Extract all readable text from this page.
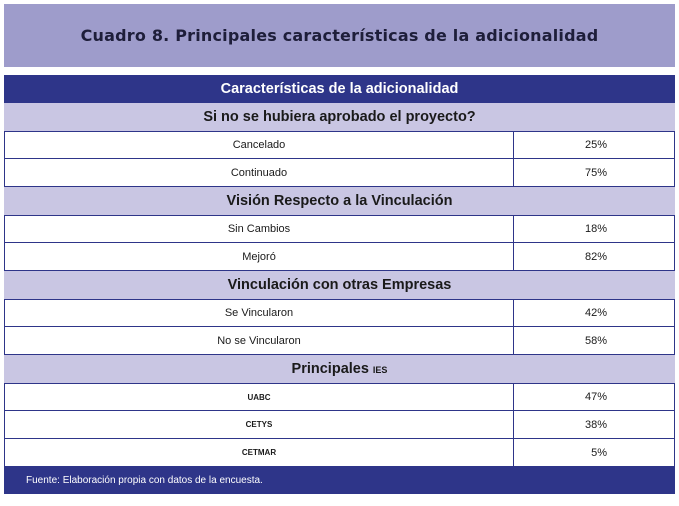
Cuadro 8. Principales características de la adicionalidad
Características de la adicionalidad
Si no se hubiera aprobado el proyecto?
Cancelado	25%
Continuado	75%
Visión Respecto a la Vinculación
Sin Cambios	18%
Mejoró	82%
Vinculación con otras Empresas
Se Vincularon	42%
No se Vincularon	58%
Principales IES
UABC	47%
CETYS	38%
CETMAR	5%
Fuente: Elaboración propia con datos de la encuesta.
